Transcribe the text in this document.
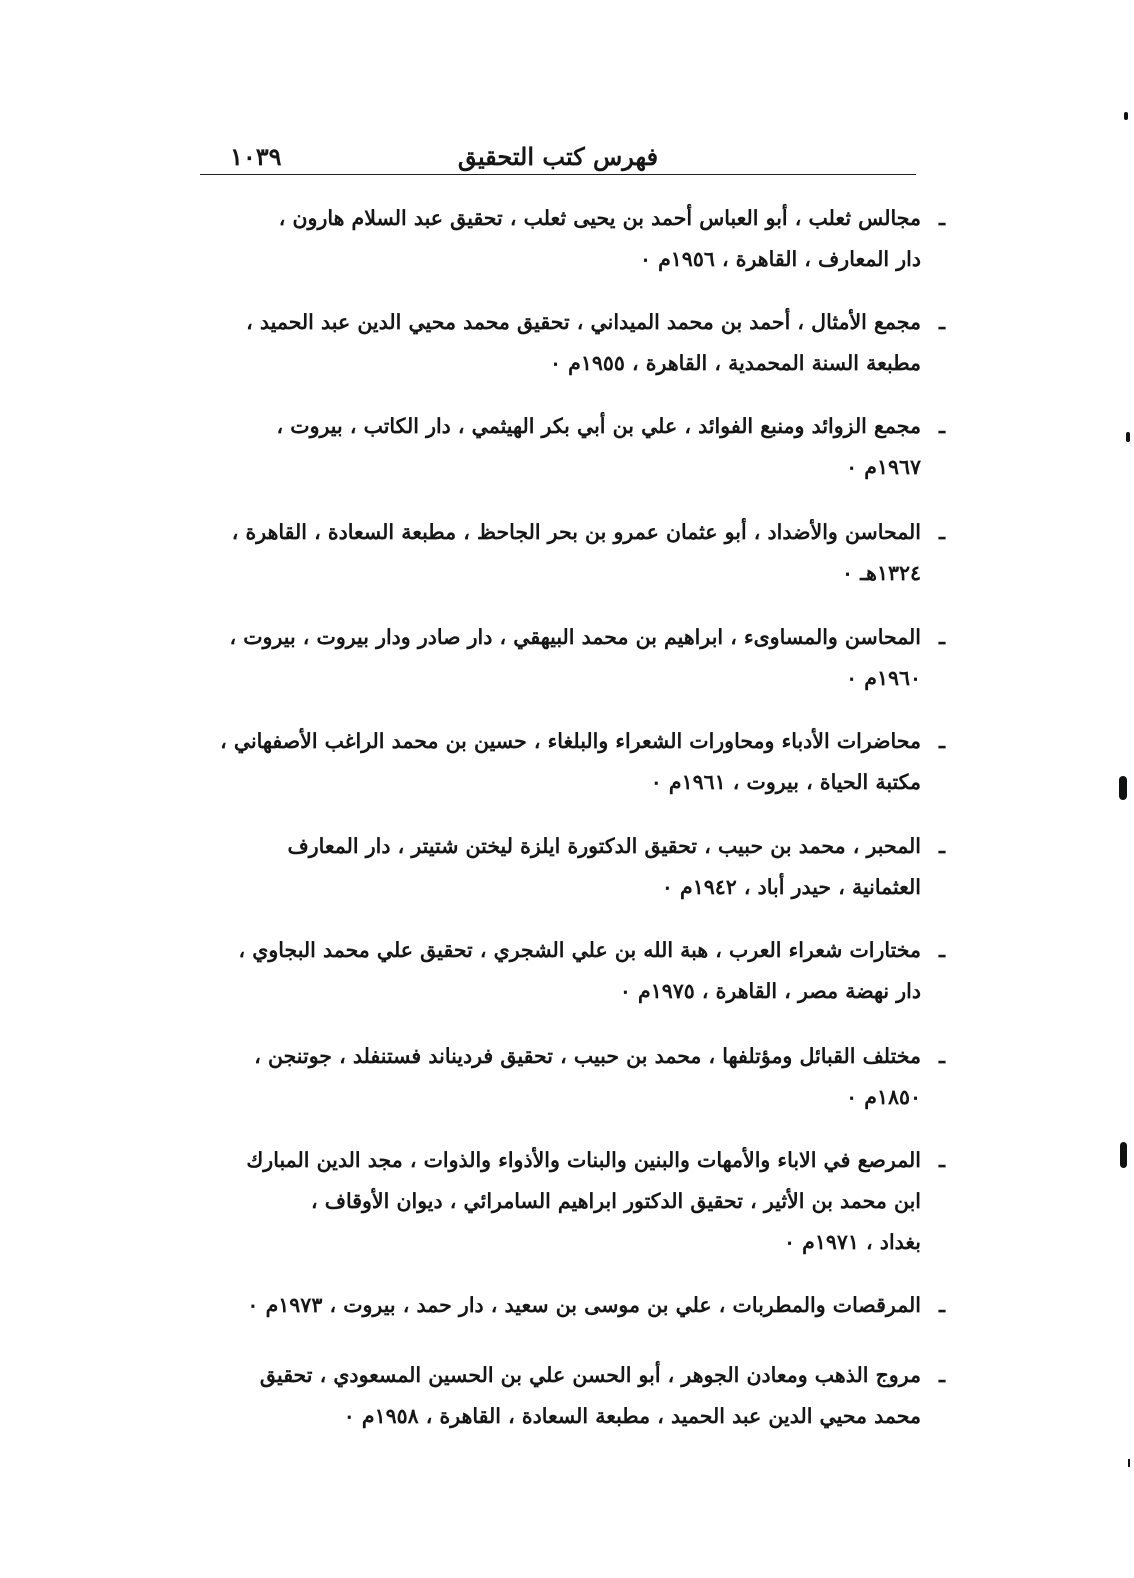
فهرس كتب التحقيق
١٠٣٩
ـمجالس ثعلب ، أبو العباس أحمد بن يحيى ثعلب ، تحقيق عبد السلام هارون ،
دار المعارف ، القاهرة ، ١٩٥٦م ٠
ـمجمع الأمثال ، أحمد بن محمد الميداني ، تحقيق محمد محيي الدين عبد الحميد ،
مطبعة السنة المحمدية ، القاهرة ، ١٩٥٥م ٠
ـمجمع الزوائد ومنبع الفوائد ، علي بن أبي بكر الهيثمي ، دار الكاتب ، بيروت ،
١٩٦٧م ٠
ـالمحاسن والأضداد ، أبو عثمان عمرو بن بحر الجاحظ ، مطبعة السعادة ، القاهرة ،
١٣٢٤هـ ٠
ـالمحاسن والمساوىء ، ابراهيم بن محمد البيهقي ، دار صادر ودار بيروت ، بيروت ،
١٩٦٠م ٠
ـمحاضرات الأدباء ومحاورات الشعراء والبلغاء ، حسين بن محمد الراغب الأصفهاني ،
مكتبة الحياة ، بيروت ، ١٩٦١م ٠
ـالمحبر ، محمد بن حبيب ، تحقيق الدكتورة ايلزة ليختن شتيتر ، دار المعارف
العثمانية ، حيدر أباد ، ١٩٤٢م ٠
ـمختارات شعراء العرب ، هبة الله بن علي الشجري ، تحقيق علي محمد البجاوي ،
دار نهضة مصر ، القاهرة ، ١٩٧٥م ٠
ـمختلف القبائل ومؤتلفها ، محمد بن حبيب ، تحقيق فرديناند فستنفلد ، جوتنجن ،
١٨٥٠م ٠
ـالمرصع في الاباء والأمهات والبنين والبنات والأذواء والذوات ، مجد الدين المبارك
ابن محمد بن الأثير ، تحقيق الدكتور ابراهيم السامرائي ، ديوان الأوقاف ،
بغداد ، ١٩٧١م ٠
ـالمرقصات والمطربات ، علي بن موسى بن سعيد ، دار حمد ، بيروت ، ١٩٧٣م ٠
ـمروج الذهب ومعادن الجوهر ، أبو الحسن علي بن الحسين المسعودي ، تحقيق
محمد محيي الدين عبد الحميد ، مطبعة السعادة ، القاهرة ، ١٩٥٨م ٠
